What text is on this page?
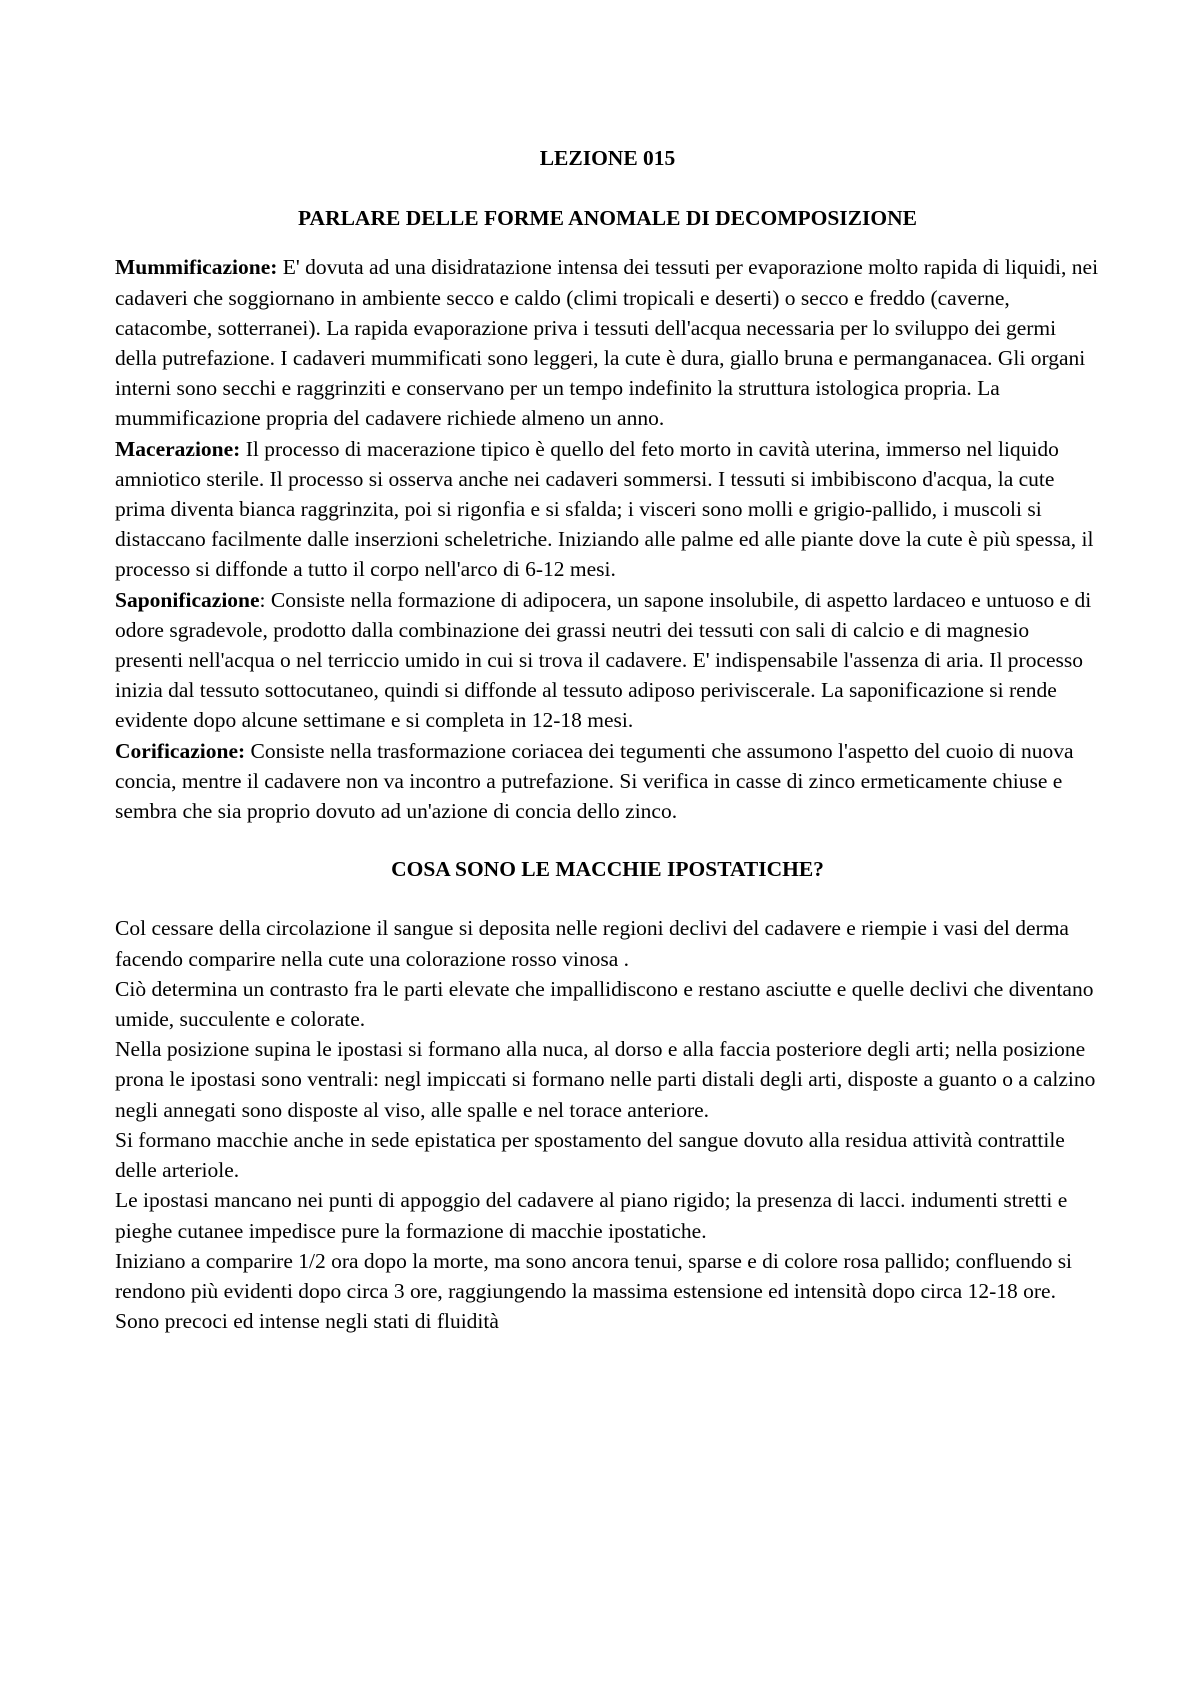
LEZIONE 015
PARLARE DELLE FORME ANOMALE DI DECOMPOSIZIONE

Mummificazione: E' dovuta ad una disidratazione intensa dei tessuti per evaporazione molto rapida di liquidi, nei cadaveri che soggiornano in ambiente secco e caldo (climi tropicali e deserti) o secco e freddo (caverne, catacombe, sotterranei). La rapida evaporazione priva i tessuti dell'acqua necessaria per lo sviluppo dei germi della putrefazione. I cadaveri mummificati sono leggeri, la cute è dura, giallo bruna e permanganacea. Gli organi interni sono secchi e raggrinziti e conservano per un tempo indefinito la struttura istologica propria. La mummificazione propria del cadavere richiede almeno un anno.

Macerazione: Il processo di macerazione tipico è quello del feto morto in cavità uterina, immerso nel liquido amniotico sterile. Il processo si osserva anche nei cadaveri sommersi. I tessuti si imbibiscono d'acqua, la cute prima diventa bianca raggrinzita, poi si rigonfia e si sfalda; i visceri sono molli e grigio-pallido, i muscoli si distaccano facilmente dalle inserzioni scheletriche. Iniziando alle palme ed alle piante dove la cute è più spessa, il processo si diffonde a tutto il corpo nell'arco di 6-12 mesi.

Saponificazione: Consiste nella formazione di adipocera, un sapone insolubile, di aspetto lardaceo e untuoso e di odore sgradevole, prodotto dalla combinazione dei grassi neutri dei tessuti con sali di calcio e di magnesio presenti nell'acqua o nel terriccio umido in cui si trova il cadavere. E' indispensabile l'assenza di aria. Il processo inizia dal tessuto sottocutaneo, quindi si diffonde al tessuto adiposo periviscerale. La saponificazione si rende evidente dopo alcune settimane e si completa in 12-18 mesi.

Corificazione: Consiste nella trasformazione coriacea dei tegumenti che assumono l'aspetto del cuoio di nuova concia, mentre il cadavere non va incontro a putrefazione. Si verifica in casse di zinco ermeticamente chiuse e sembra che sia proprio dovuto ad un'azione di concia dello zinco.

COSA SONO LE MACCHIE IPOSTATICHE?

Col cessare della circolazione il sangue si deposita nelle regioni declivi del cadavere e riempie i vasi del derma facendo comparire nella cute una colorazione rosso vinosa .

Ciò determina un contrasto fra le parti elevate che impallidiscono e restano asciutte e quelle declivi che diventano umide, succulente e colorate.

Nella posizione supina le ipostasi si formano alla nuca, al dorso e alla faccia posteriore degli arti; nella posizione prona le ipostasi sono ventrali: negl impiccati si formano nelle parti distali degli arti, disposte a guanto o a calzino negli annegati sono disposte al viso, alle spalle e nel torace anteriore.

Si formano macchie anche in sede epistatica per spostamento del sangue dovuto alla residua attività contrattile delle arteriole.

Le ipostasi mancano nei punti di appoggio del cadavere al piano rigido; la presenza di lacci. indumenti stretti e pieghe cutanee impedisce pure la formazione di macchie ipostatiche.

Iniziano a comparire 1/2 ora dopo la morte, ma sono ancora tenui, sparse e di colore rosa pallido; confluendo si rendono più evidenti dopo circa 3 ore, raggiungendo la massima estensione ed intensità dopo circa 12-18 ore. Sono precoci ed intense negli stati di fluidità
